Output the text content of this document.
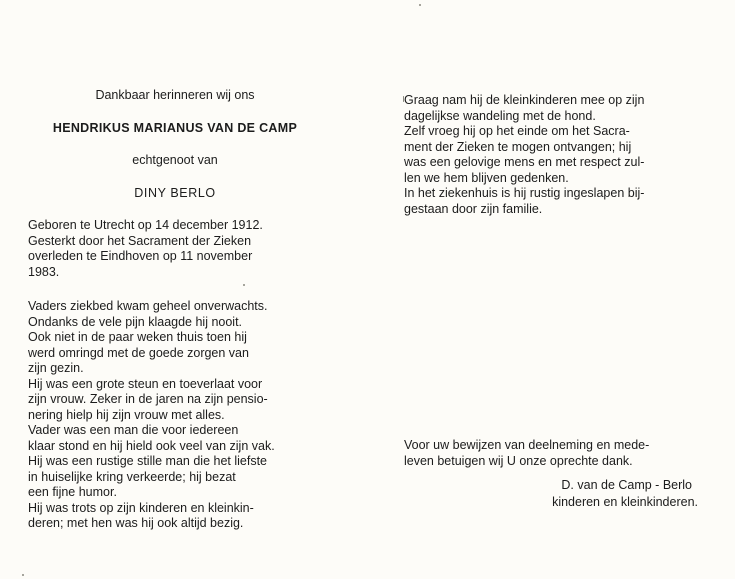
Dankbaar herinneren wij ons
HENDRIKUS MARIANUS VAN DE CAMP
echtgenoot van
DINY BERLO
Geboren te Utrecht op 14 december 1912.
Gesterkt door het Sacrament der Zieken
overleden te Eindhoven op 11 november
1983.
Vaders ziekbed kwam geheel onverwachts.
Ondanks de vele pijn klaagde hij nooit.
Ook niet in de paar weken thuis toen hij
werd omringd met de goede zorgen van
zijn gezin.
Hij was een grote steun en toeverlaat voor
zijn vrouw. Zeker in de jaren na zijn pensio-
nering hielp hij zijn vrouw met alles.
Vader was een man die voor iedereen
klaar stond en hij hield ook veel van zijn vak.
Hij was een rustige stille man die het liefste
in huiselijke kring verkeerde; hij bezat
een fijne humor.
Hij was trots op zijn kinderen en kleinkin-
deren; met hen was hij ook altijd bezig.
Graag nam hij de kleinkinderen mee op zijn
dagelijkse wandeling met de hond.
Zelf vroeg hij op het einde om het Sacra-
ment der Zieken te mogen ontvangen; hij
was een gelovige mens en met respect zul-
len we hem blijven gedenken.
In het ziekenhuis is hij rustig ingeslapen bij-
gestaan door zijn familie.
Voor uw bewijzen van deelneming en mede-
leven betuigen wij U onze oprechte dank.
D. van de Camp - Berlo
kinderen en kleinkinderen.
